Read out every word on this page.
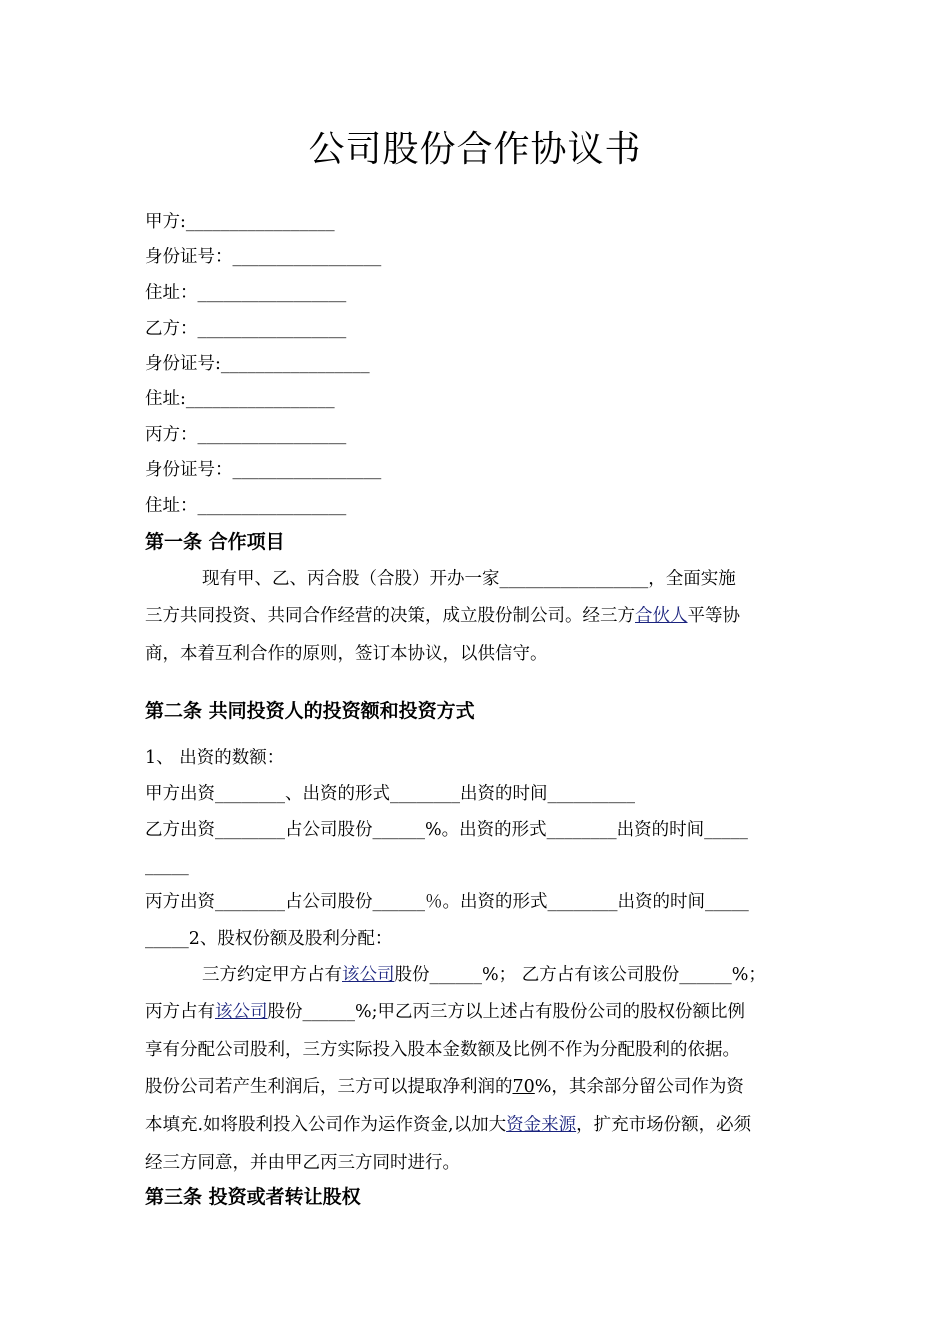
公司股份合作协议书
甲方:_________________
身份证号：_________________
住址：_________________
乙方：_________________
身份证号:_________________
住址:_________________
丙方：_________________
身份证号：_________________
住址：_________________
第一条 合作项目
现有甲、乙、丙合股（合股）开办一家_________________，全面实施
三方共同投资、共同合作经营的决策，成立股份制公司。经三方合伙人平等协
商，本着互利合作的原则，签订本协议，以供信守。
第二条 共同投资人的投资额和投资方式
1、 出资的数额：
甲方出资________、出资的形式________出资的时间__________
乙方出资________占公司股份______%。出资的形式________出资的时间_____
_____
丙方出资________占公司股份______％。出资的形式________出资的时间_____
_____2、股权份额及股利分配：
三方约定甲方占有该公司股份______%； 乙方占有该公司股份______%；
丙方占有该公司股份______%;甲乙丙三方以上述占有股份公司的股权份额比例
享有分配公司股利，三方实际投入股本金数额及比例不作为分配股利的依据。
股份公司若产生利润后，三方可以提取净利润的70%，其余部分留公司作为资
本填充.如将股利投入公司作为运作资金,以加大资金来源，扩充市场份额，必须
经三方同意，并由甲乙丙三方同时进行。
第三条 投资或者转让股权
